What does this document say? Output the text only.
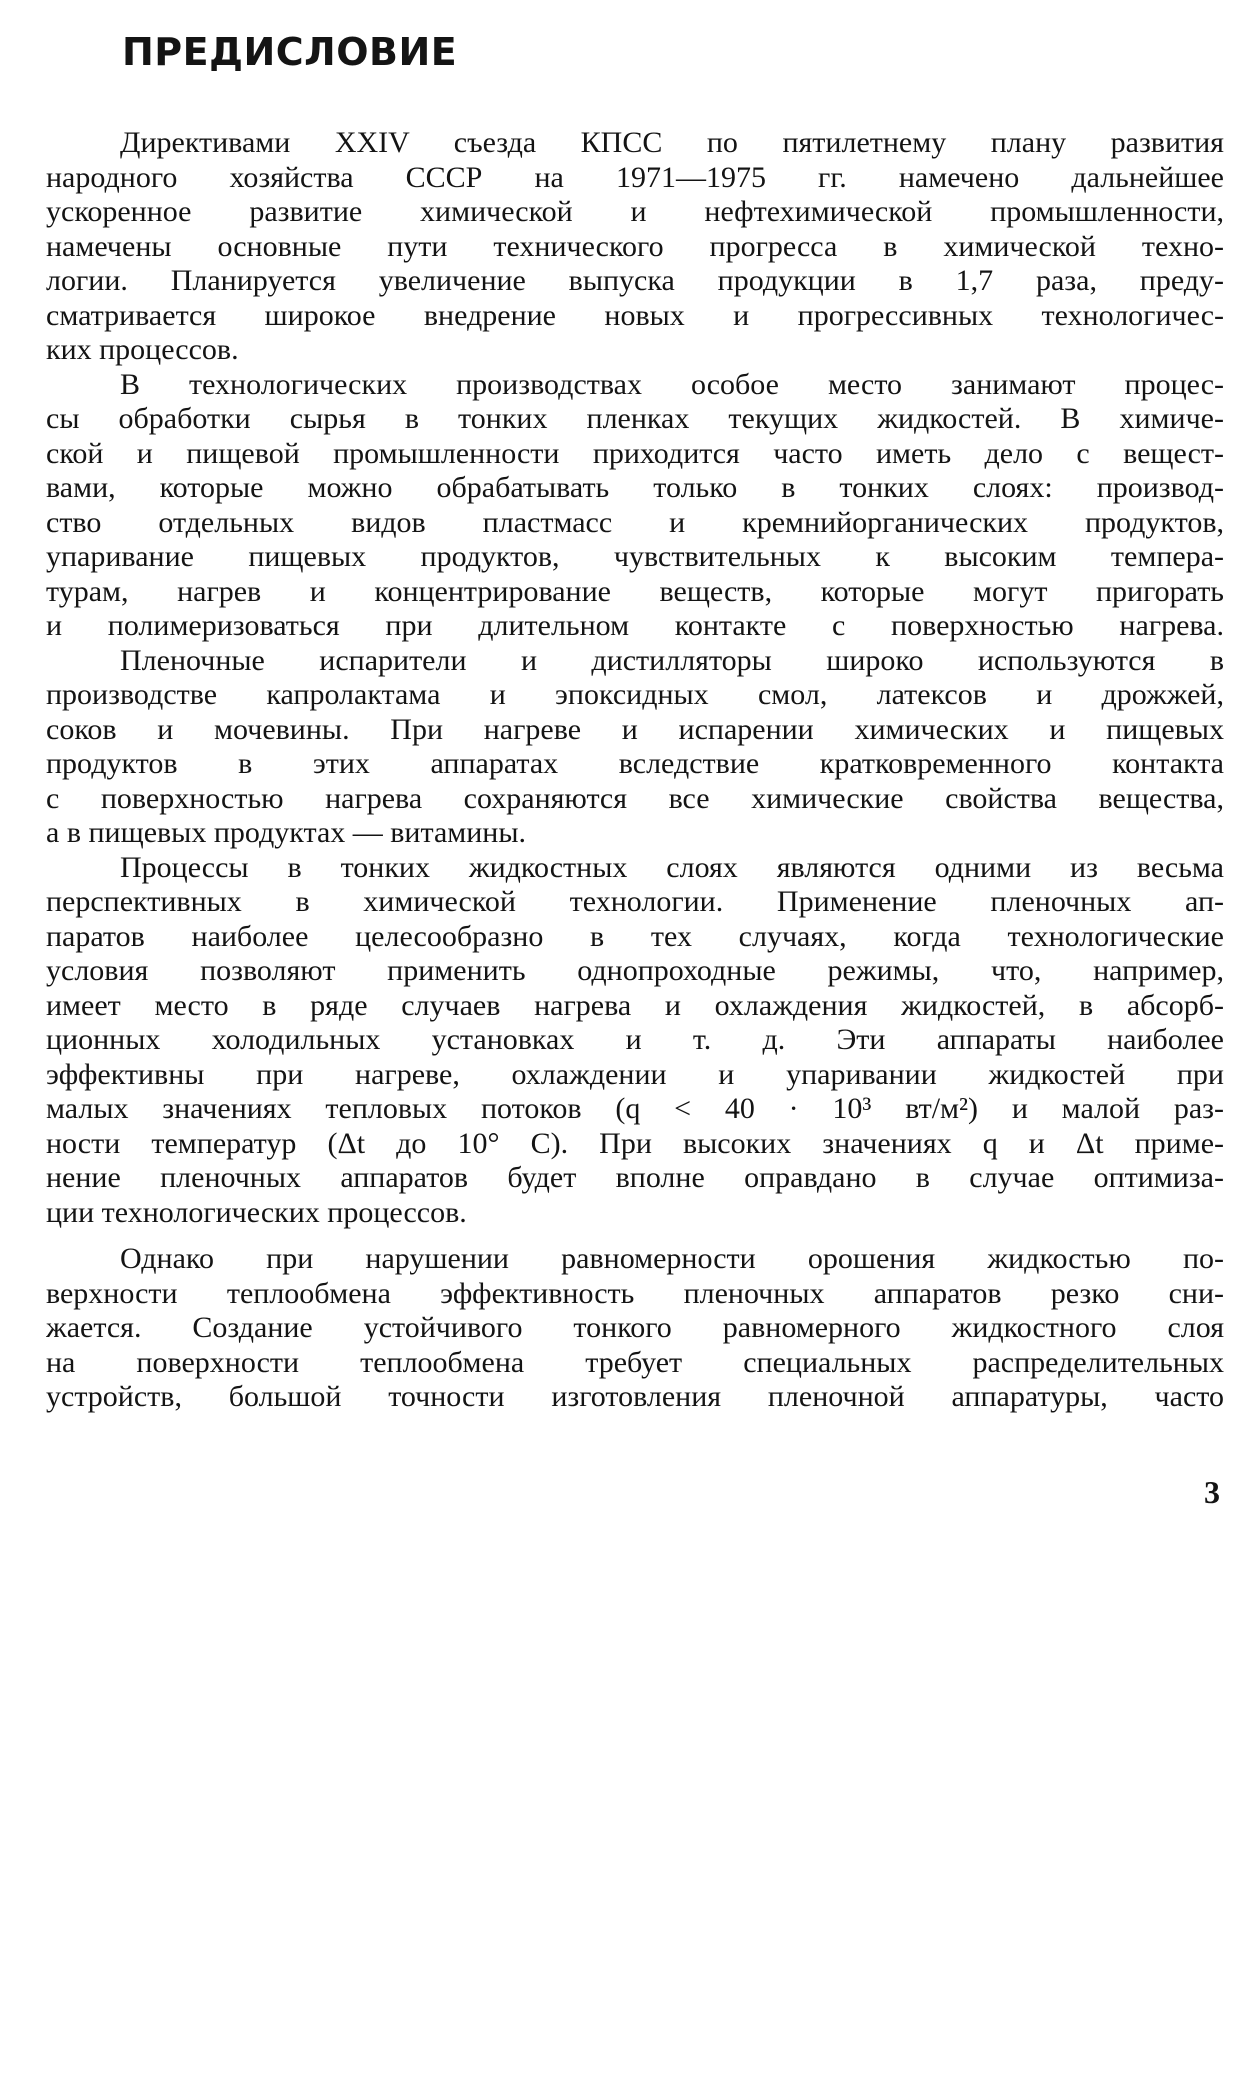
ПРЕДИСЛОВИЕ
Директивами XXIV съезда КПСС по пятилетнему плану развития
народного хозяйства СССР на 1971—1975 гг. намечено дальнейшее
ускоренное развитие химической и нефтехимической промышленности,
намечены основные пути технического прогресса в химической техно-
логии. Планируется увеличение выпуска продукции в 1,7 раза, преду-
сматривается широкое внедрение новых и прогрессивных технологичес-
ких процессов.
В технологических производствах особое место занимают процес-
сы обработки сырья в тонких пленках текущих жидкостей. В химиче-
ской и пищевой промышленности приходится часто иметь дело с вещест-
вами, которые можно обрабатывать только в тонких слоях: производ-
ство отдельных видов пластмасс и кремнийорганических продуктов,
упаривание пищевых продуктов, чувствительных к высоким темпера-
турам, нагрев и концентрирование веществ, которые могут пригорать
и полимеризоваться при длительном контакте с поверхностью нагрева.
Пленочные испарители и дистилляторы широко используются в
производстве капролактама и эпоксидных смол, латексов и дрожжей,
соков и мочевины. При нагреве и испарении химических и пищевых
продуктов в этих аппаратах вследствие кратковременного контакта
с поверхностью нагрева сохраняются все химические свойства вещества,
а в пищевых продуктах — витамины.
Процессы в тонких жидкостных слоях являются одними из весьма
перспективных в химической технологии. Применение пленочных ап-
паратов наиболее целесообразно в тех случаях, когда технологические
условия позволяют применить однопроходные режимы, что, например,
имеет место в ряде случаев нагрева и охлаждения жидкостей, в абсорб-
ционных холодильных установках и т. д. Эти аппараты наиболее
эффективны при нагреве, охлаждении и упаривании жидкостей при
малых значениях тепловых потоков (q < 40 · 10³ вт/м²) и малой раз-
ности температур (Δt до 10° C). При высоких значениях q и Δt приме-
нение пленочных аппаратов будет вполне оправдано в случае оптимиза-
ции технологических процессов.
Однако при нарушении равномерности орошения жидкостью по-
верхности теплообмена эффективность пленочных аппаратов резко сни-
жается. Создание устойчивого тонкого равномерного жидкостного слоя
на поверхности теплообмена требует специальных распределительных
устройств, большой точности изготовления пленочной аппаратуры, часто
3
